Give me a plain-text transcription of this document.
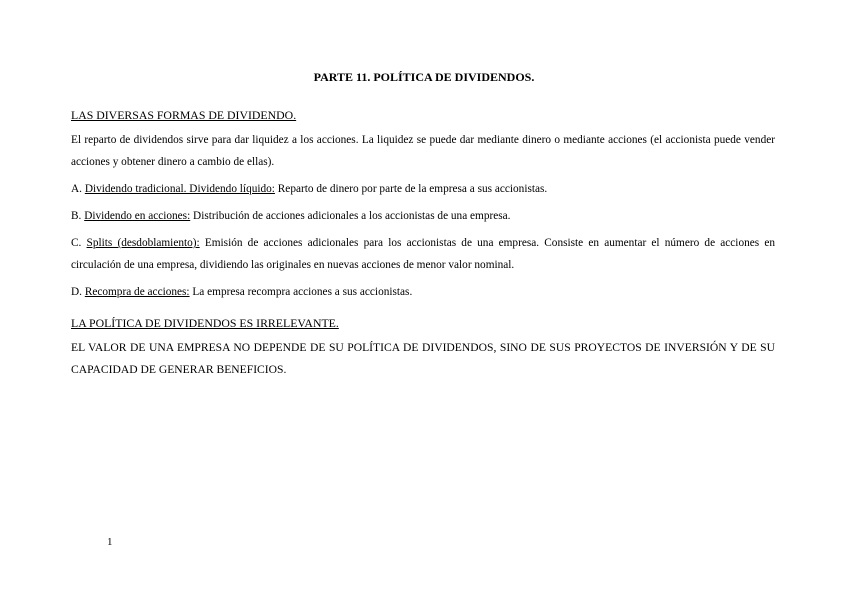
PARTE 11. POLÍTICA DE DIVIDENDOS.
LAS DIVERSAS FORMAS DE DIVIDENDO.

El reparto de dividendos sirve para dar liquidez a los acciones. La liquidez se puede dar mediante dinero o mediante acciones (el accionista puede vender acciones y obtener dinero a cambio de ellas).

A. Dividendo tradicional. Dividendo líquido: Reparto de dinero por parte de la empresa a sus accionistas.

B. Dividendo en acciones: Distribución de acciones adicionales a los accionistas de una empresa.

C. Splits (desdoblamiento): Emisión de acciones adicionales para los accionistas de una empresa. Consiste en aumentar el número de acciones en circulación de una empresa, dividiendo las originales en nuevas acciones de menor valor nominal.

D. Recompra de acciones: La empresa recompra acciones a sus accionistas.

LA POLÍTICA DE DIVIDENDOS ES IRRELEVANTE.

EL VALOR DE UNA EMPRESA NO DEPENDE DE SU POLÍTICA DE DIVIDENDOS, SINO DE SUS PROYECTOS DE INVERSIÓN Y DE SU CAPACIDAD DE GENERAR BENEFICIOS.

1
